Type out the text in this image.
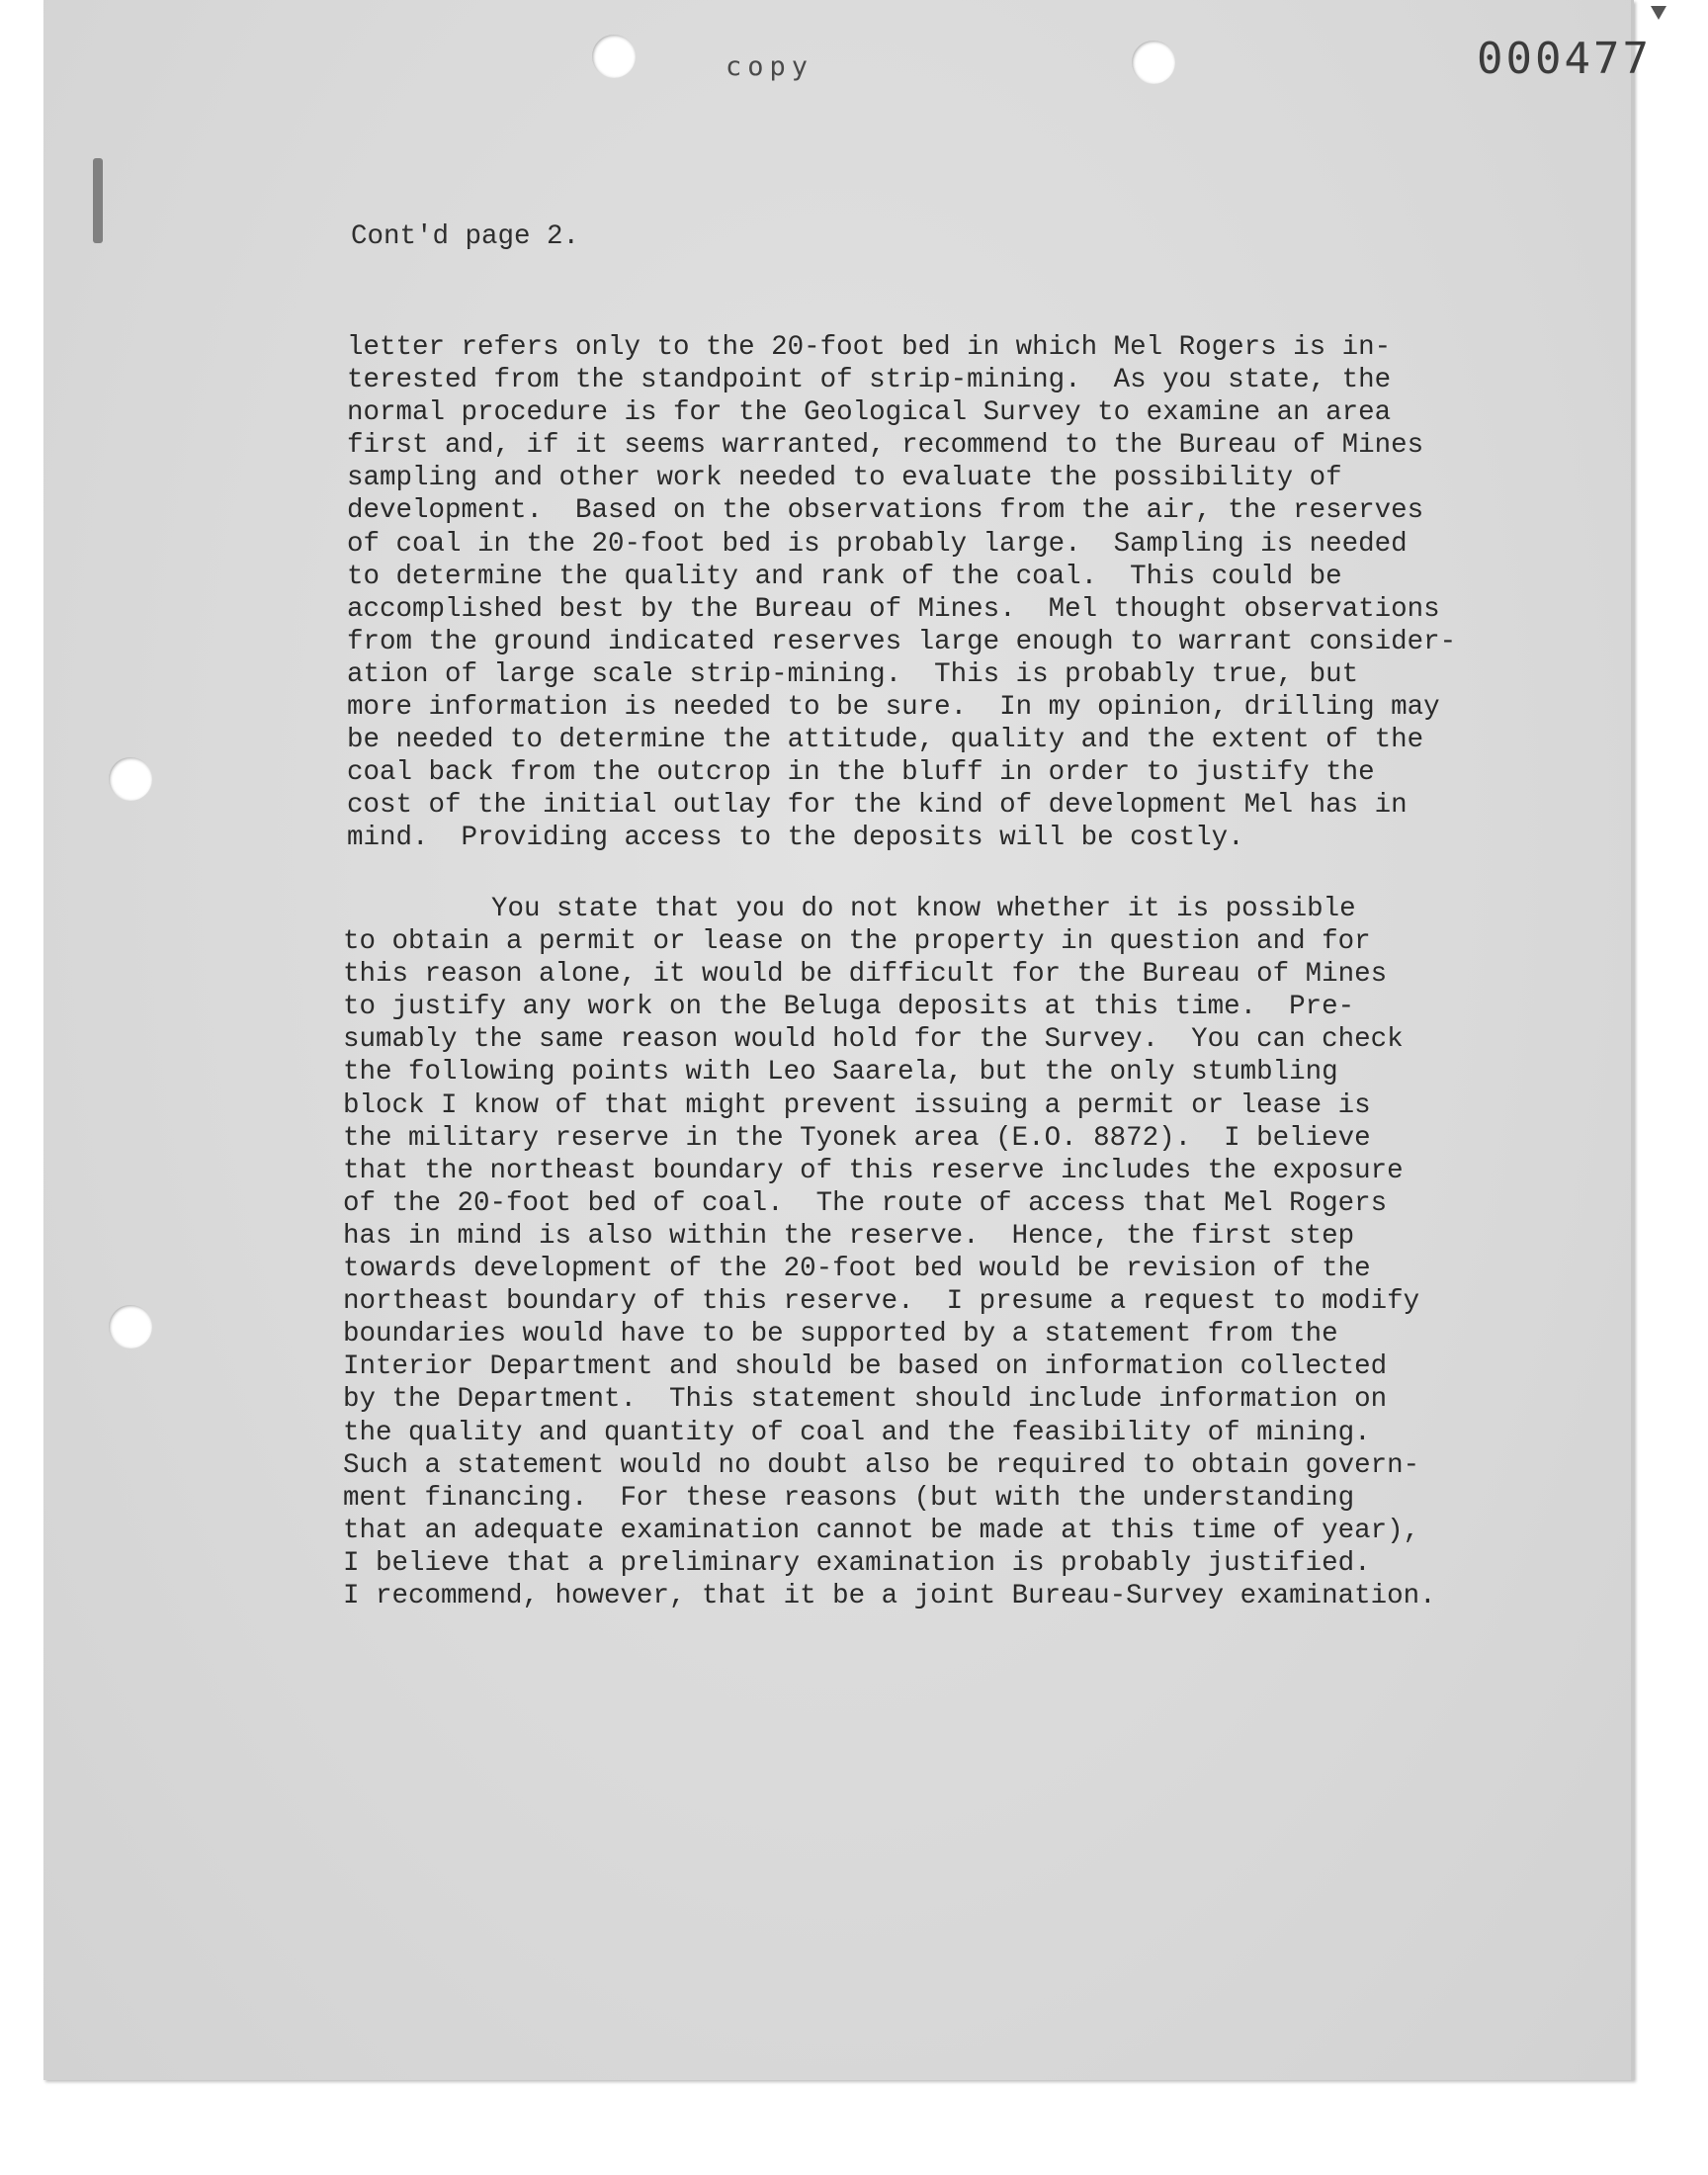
copy	000477
Cont'd page 2.
letter refers only to the 20-foot bed in which Mel Rogers is in-
terested from the standpoint of strip-mining.  As you state, the
normal procedure is for the Geological Survey to examine an area
first and, if it seems warranted, recommend to the Bureau of Mines
sampling and other work needed to evaluate the possibility of
development.  Based on the observations from the air, the reserves
of coal in the 20-foot bed is probably large.  Sampling is needed
to determine the quality and rank of the coal.  This could be
accomplished best by the Bureau of Mines.  Mel thought observations
from the ground indicated reserves large enough to warrant consider-
ation of large scale strip-mining.  This is probably true, but
more information is needed to be sure.  In my opinion, drilling may
be needed to determine the attitude, quality and the extent of the
coal back from the outcrop in the bluff in order to justify the
cost of the initial outlay for the kind of development Mel has in
mind.  Providing access to the deposits will be costly.
You state that you do not know whether it is possible
to obtain a permit or lease on the property in question and for
this reason alone, it would be difficult for the Bureau of Mines
to justify any work on the Beluga deposits at this time.  Pre-
sumably the same reason would hold for the Survey.  You can check
the following points with Leo Saarela, but the only stumbling
block I know of that might prevent issuing a permit or lease is
the military reserve in the Tyonek area (E.O. 8872).  I believe
that the northeast boundary of this reserve includes the exposure
of the 20-foot bed of coal.  The route of access that Mel Rogers
has in mind is also within the reserve.  Hence, the first step
towards development of the 20-foot bed would be revision of the
northeast boundary of this reserve.  I presume a request to modify
boundaries would have to be supported by a statement from the
Interior Department and should be based on information collected
by the Department.  This statement should include information on
the quality and quantity of coal and the feasibility of mining.
Such a statement would no doubt also be required to obtain govern-
ment financing.  For these reasons (but with the understanding
that an adequate examination cannot be made at this time of year),
I believe that a preliminary examination is probably justified.
I recommend, however, that it be a joint Bureau-Survey examination.
